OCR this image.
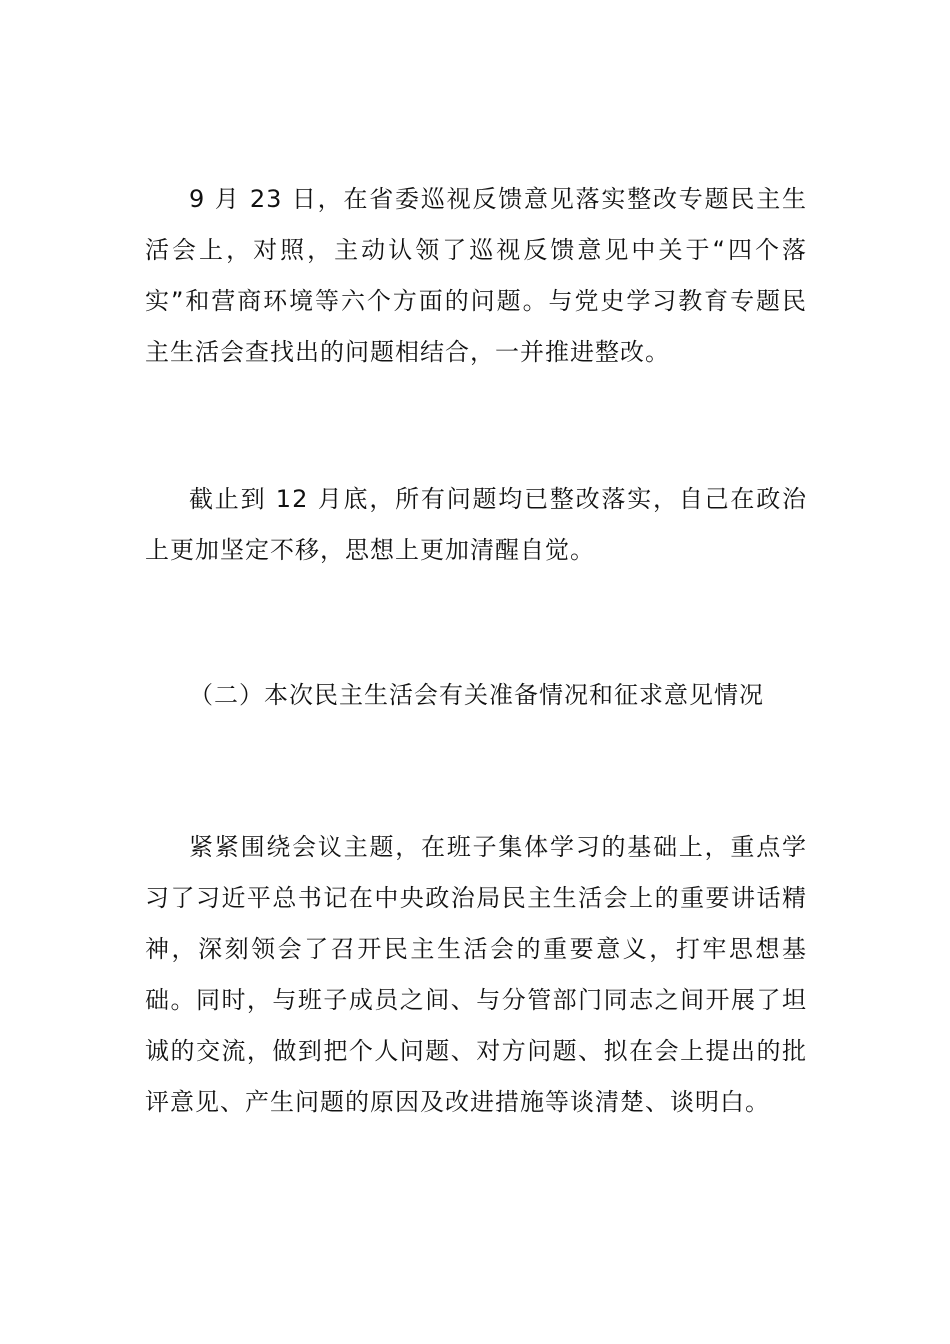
9 月 23 日，在省委巡视反馈意见落实整改专题民主生活会上，对照，主动认领了巡视反馈意见中关于“四个落实”和营商环境等六个方面的问题。与党史学习教育专题民主生活会查找出的问题相结合，一并推进整改。

截止到 12 月底，所有问题均已整改落实，自己在政治上更加坚定不移，思想上更加清醒自觉。

（二）本次民主生活会有关准备情况和征求意见情况

紧紧围绕会议主题，在班子集体学习的基础上，重点学习了习近平总书记在中央政治局民主生活会上的重要讲话精神，深刻领会了召开民主生活会的重要意义，打牢思想基础。同时，与班子成员之间、与分管部门同志之间开展了坦诚的交流，做到把个人问题、对方问题、拟在会上提出的批评意见、产生问题的原因及改进措施等谈清楚、谈明白。
